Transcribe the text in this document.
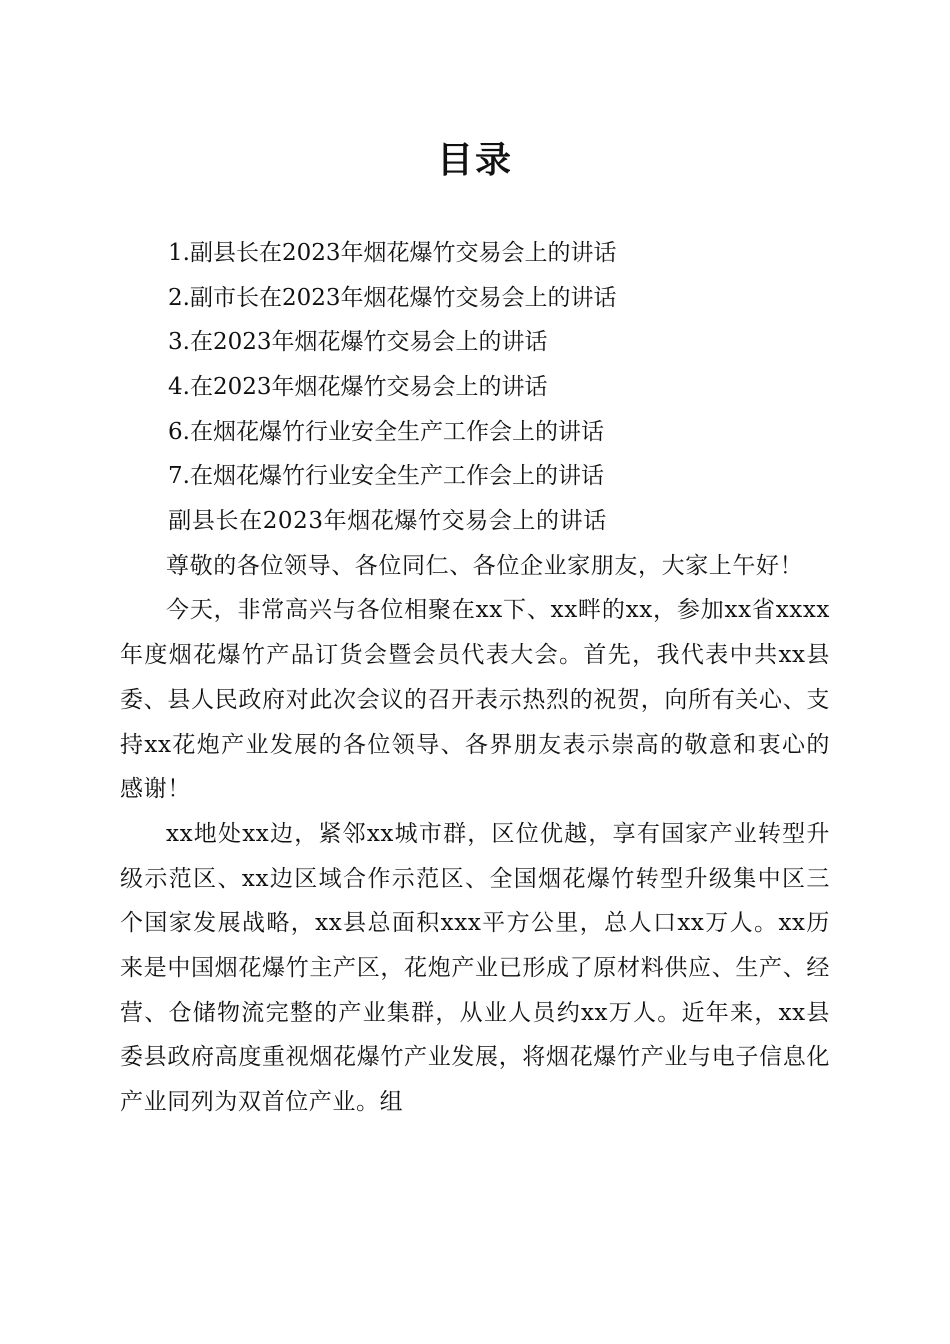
目录
1.副县长在2023年烟花爆竹交易会上的讲话
2.副市长在2023年烟花爆竹交易会上的讲话
3.在2023年烟花爆竹交易会上的讲话
4.在2023年烟花爆竹交易会上的讲话
6.在烟花爆竹行业安全生产工作会上的讲话
7.在烟花爆竹行业安全生产工作会上的讲话

副县长在2023年烟花爆竹交易会上的讲话

尊敬的各位领导、各位同仁、各位企业家朋友，大家上午好！

今天，非常高兴与各位相聚在xx下、xx畔的xx，参加xx省xxxx年度烟花爆竹产品订货会暨会员代表大会。首先，我代表中共xx县委、县人民政府对此次会议的召开表示热烈的祝贺，向所有关心、支持xx花炮产业发展的各位领导、各界朋友表示崇高的敬意和衷心的感谢！

xx地处xx边，紧邻xx城市群，区位优越，享有国家产业转型升级示范区、xx边区域合作示范区、全国烟花爆竹转型升级集中区三个国家发展战略，xx县总面积xxx平方公里，总人口xx万人。xx历来是中国烟花爆竹主产区，花炮产业已形成了原材料供应、生产、经营、仓储物流完整的产业集群，从业人员约xx万人。近年来，xx县委县政府高度重视烟花爆竹产业发展，将烟花爆竹产业与电子信息化产业同列为双首位产业。组
